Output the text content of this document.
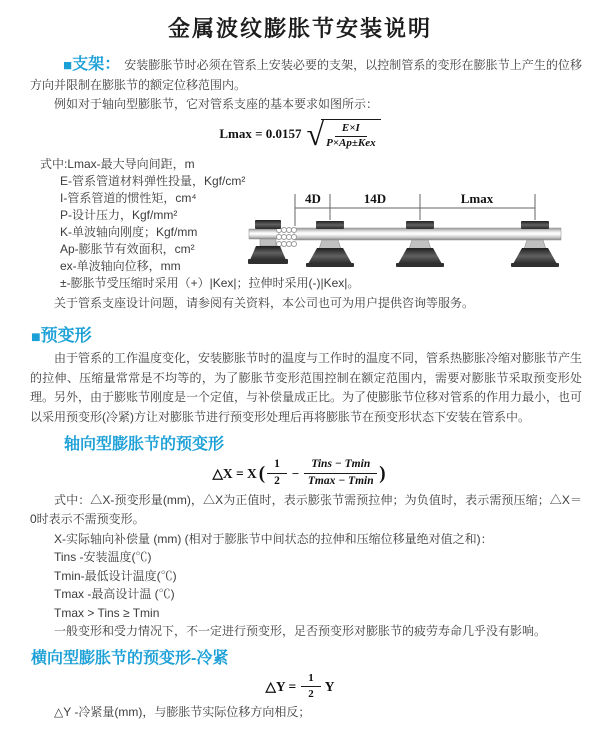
金属波纹膨胀节安装说明

■支架： 安装膨胀节时必须在管系上安装必要的支架，以控制管系的变形在膨胀节上产生的位移方向并限制在膨胀节的额定位移范围内。

例如对于轴向型膨胀节，它对管系支座的基本要求如图所示：

Lmax = 0.0157 √	E×I
P×Ap±Kex
式中:Lmax-最大导向间距，m
E-管系管道材料弹性投量，Kgf/cm²
I-管系管道的惯性矩，cm⁴
P-设计压力，Kgf/mm²
K-单波轴向刚度；Kgf/mm
Ap-膨胀节有效面积，cm²
ex-单波轴向位移，mm
±-膨胀节受压缩时采用（+）|Kex|；拉伸时采用(-)|Kex|。
4D	14D	Lmax

关于管系支座设计问题，请参阅有关资料，本公司也可为用户提供咨询等服务。

■预变形

由于管系的工作温度变化，安装膨胀节时的温度与工作时的温度不同，管系热膨胀冷缩对膨胀节产生的拉伸、压缩量常常是不均等的，为了膨胀节变形范围控制在额定范围内，需要对膨胀节采取预变形处理。另外，由于膨账节刚度是一个定值，与补偿量成正比。为了使膨胀节位移对管系的作用力最小，也可以采用预变形(冷紧)方让对膨胀节进行预变形处理后再将膨胀节在预变形状态下安装在管系中。

轴向型膨胀节的预变形
△X = X ( $\frac{1}{2} - \frac{\text{Tins − Tmin}}{Tmax - Tmin}$ )

式中：△X-预变形量(mm)，△X为正值时，表示膨张节需预拉伸；为负值时，表示需预压缩；△X＝0时表示不需预变形。

X-实际轴向补偿量 (mm) (相对于膨胀节中间状态的拉伸和压缩位移量绝对值之和)：

Tins -安装温度(℃)

Tmin-最低设计温度(℃)

Tmax -最高设计温 (℃)

Tmax > Tins ≥ Tmin

一般变形和受力情况下，不一定进行预变形，足否预变形对膨胀节的疲劳寿命几乎没有影响。

横向型膨胀节的预变形-冷紧
△Y = $\frac{1}{2}$ Y

△Y -冷紧量(mm)，与膨胀节实际位移方向相反；
